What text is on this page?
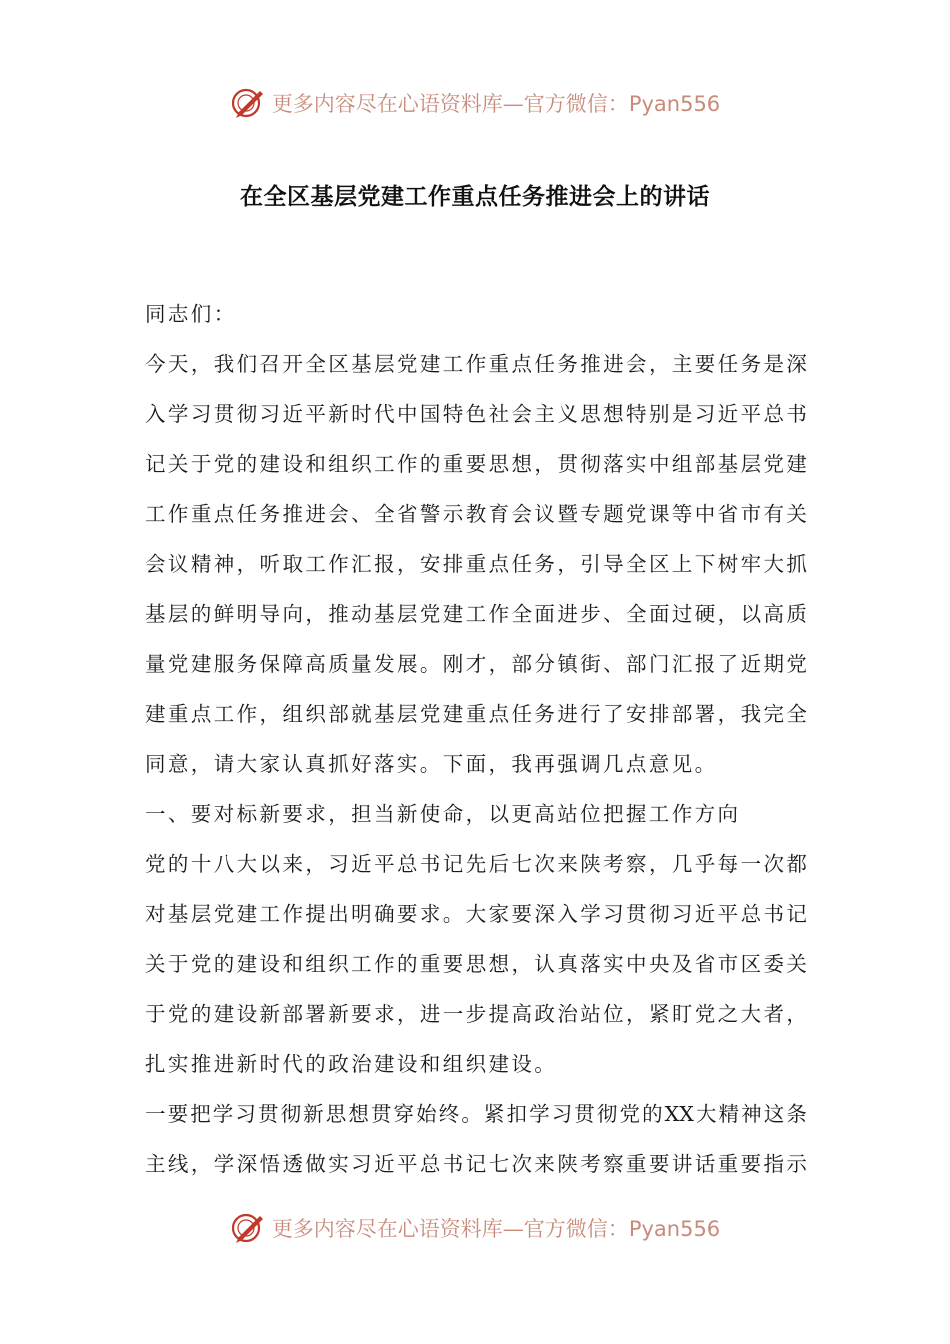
更多内容尽在心语资料库—官方微信：Pyan556
在全区基层党建工作重点任务推进会上的讲话
同志们：
今 天 ， 我 们 召 开 全 区 基 层 党 建 工 作 重 点 任 务 推 进 会 ， 主 要 任 务 是 深
入 学 习 贯 彻 习 近 平 新 时 代 中 国 特 色 社 会 主 义 思 想 特 别 是 习 近 平 总 书
记 关 于 党 的 建 设 和 组 织 工 作 的 重 要 思 想 ， 贯 彻 落 实 中 组 部 基 层 党 建
工 作 重 点 任 务 推 进 会 、 全 省 警 示 教 育 会 议 暨 专 题 党 课 等 中 省 市 有 关
会 议 精 神 ， 听 取 工 作 汇 报 ， 安 排 重 点 任 务 ， 引 导 全 区 上 下 树 牢 大 抓
基 层 的 鲜 明 导 向 ， 推 动 基 层 党 建 工 作 全 面 进 步 、 全 面 过 硬 ， 以 高 质
量 党 建 服 务 保 障 高 质 量 发 展 。 刚 才 ， 部 分 镇 街 、 部 门 汇 报 了 近 期 党
建 重 点 工 作 ， 组 织 部 就 基 层 党 建 重 点 任 务 进 行 了 安 排 部 署 ， 我 完 全
同意，请大家认真抓好落实。下面，我再强调几点意见。
一、要对标新要求，担当新使命，以更高站位把握工作方向
党 的 十 八 大 以 来 ， 习 近 平 总 书 记 先 后 七 次 来 陕 考 察 ， 几 乎 每 一 次 都
对 基 层 党 建 工 作 提 出 明 确 要 求 。 大 家 要 深 入 学 习 贯 彻 习 近 平 总 书 记
关 于 党 的 建 设 和 组 织 工 作 的 重 要 思 想 ， 认 真 落 实 中 央 及 省 市 区 委 关
于 党 的 建 设 新 部 署 新 要 求 ， 进 一 步 提 高 政 治 站 位 ， 紧 盯 党 之 大 者 ，
扎实推进新时代的政治建设和组织建设。
一 要 把 学 习 贯 彻 新 思 想 贯 穿 始 终 。 紧 扣 学 习 贯 彻 党 的 XX 大 精 神 这 条
主 线 ， 学 深 悟 透 做 实 习 近 平 总 书 记 七 次 来 陕 考 察 重 要 讲 话 重 要 指 示
更多内容尽在心语资料库—官方微信：Pyan556
